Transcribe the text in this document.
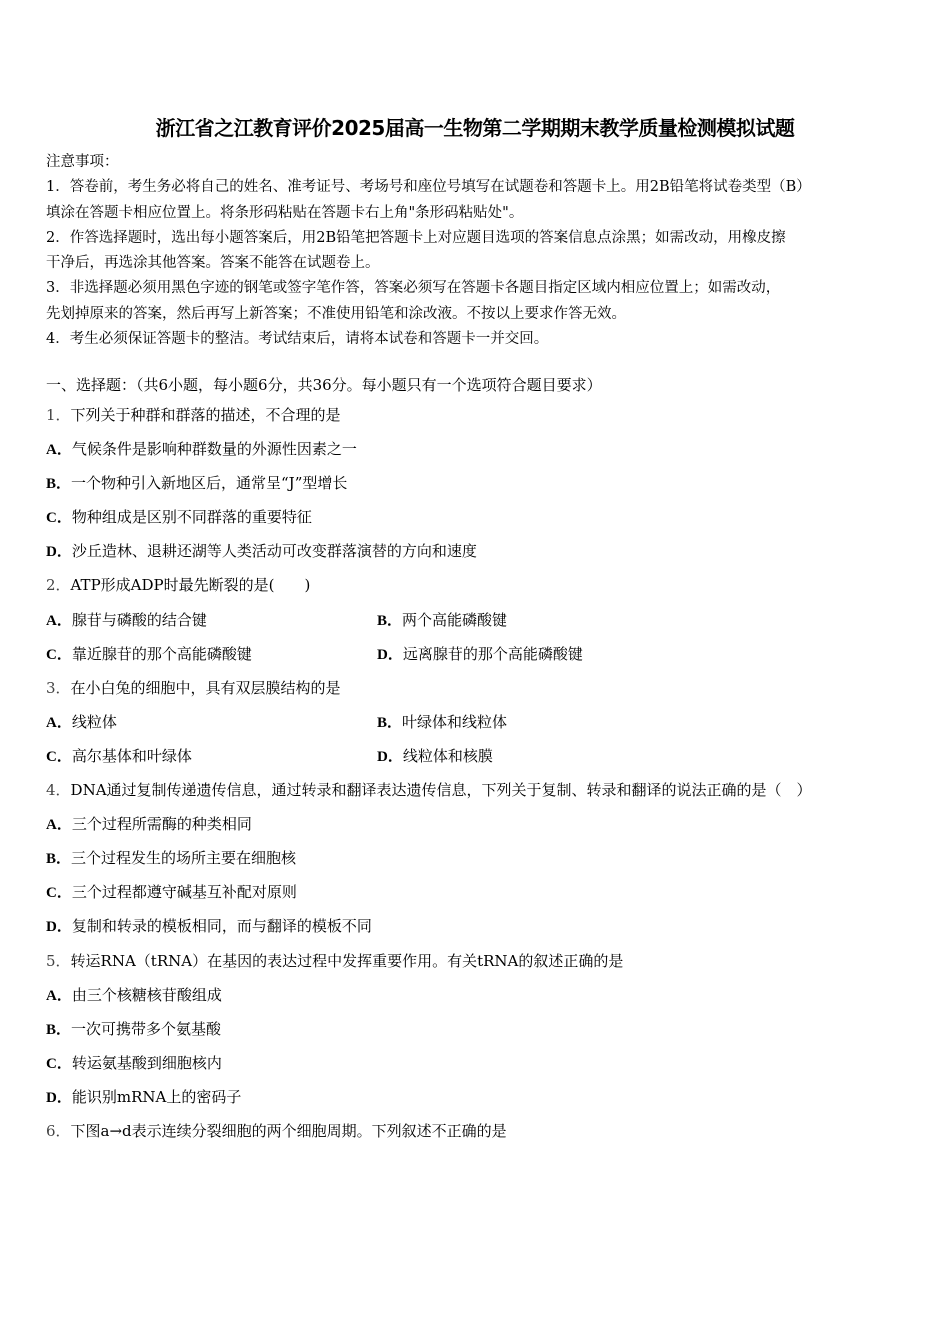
浙江省之江教育评价2025届高一生物第二学期期末教学质量检测模拟试题
注意事项：
1．答卷前，考生务必将自己的姓名、准考证号、考场号和座位号填写在试题卷和答题卡上。用2B铅笔将试卷类型（B）
填涂在答题卡相应位置上。将条形码粘贴在答题卡右上角"条形码粘贴处"。
2．作答选择题时，选出每小题答案后，用2B铅笔把答题卡上对应题目选项的答案信息点涂黑；如需改动，用橡皮擦
干净后，再选涂其他答案。答案不能答在试题卷上。
3．非选择题必须用黑色字迹的钢笔或签字笔作答，答案必须写在答题卡各题目指定区域内相应位置上；如需改动，
先划掉原来的答案，然后再写上新答案；不准使用铅笔和涂改液。不按以上要求作答无效。
4．考生必须保证答题卡的整洁。考试结束后，请将本试卷和答题卡一并交回。
一、选择题：（共6小题，每小题6分，共36分。每小题只有一个选项符合题目要求）
1．下列关于种群和群落的描述，不合理的是
A．气候条件是影响种群数量的外源性因素之一
B．一个物种引入新地区后，通常呈“J”型增长
C．物种组成是区别不同群落的重要特征
D．沙丘造林、退耕还湖等人类活动可改变群落演替的方向和速度
2．ATP形成ADP时最先断裂的是(　　)
A．腺苷与磷酸的结合键	B．两个高能磷酸键
C．靠近腺苷的那个高能磷酸键	D．远离腺苷的那个高能磷酸键
3．在小白兔的细胞中，具有双层膜结构的是
A．线粒体	B．叶绿体和线粒体
C．高尔基体和叶绿体	D．线粒体和核膜
4．DNA通过复制传递遗传信息，通过转录和翻译表达遗传信息，下列关于复制、转录和翻译的说法正确的是（　）
A．三个过程所需酶的种类相同
B．三个过程发生的场所主要在细胞核
C．三个过程都遵守碱基互补配对原则
D．复制和转录的模板相同，而与翻译的模板不同
5．转运RNA（tRNA）在基因的表达过程中发挥重要作用。有关tRNA的叙述正确的是
A．由三个核糖核苷酸组成
B．一次可携带多个氨基酸
C．转运氨基酸到细胞核内
D．能识别mRNA上的密码子
6．下图a→d表示连续分裂细胞的两个细胞周期。下列叙述不正确的是
